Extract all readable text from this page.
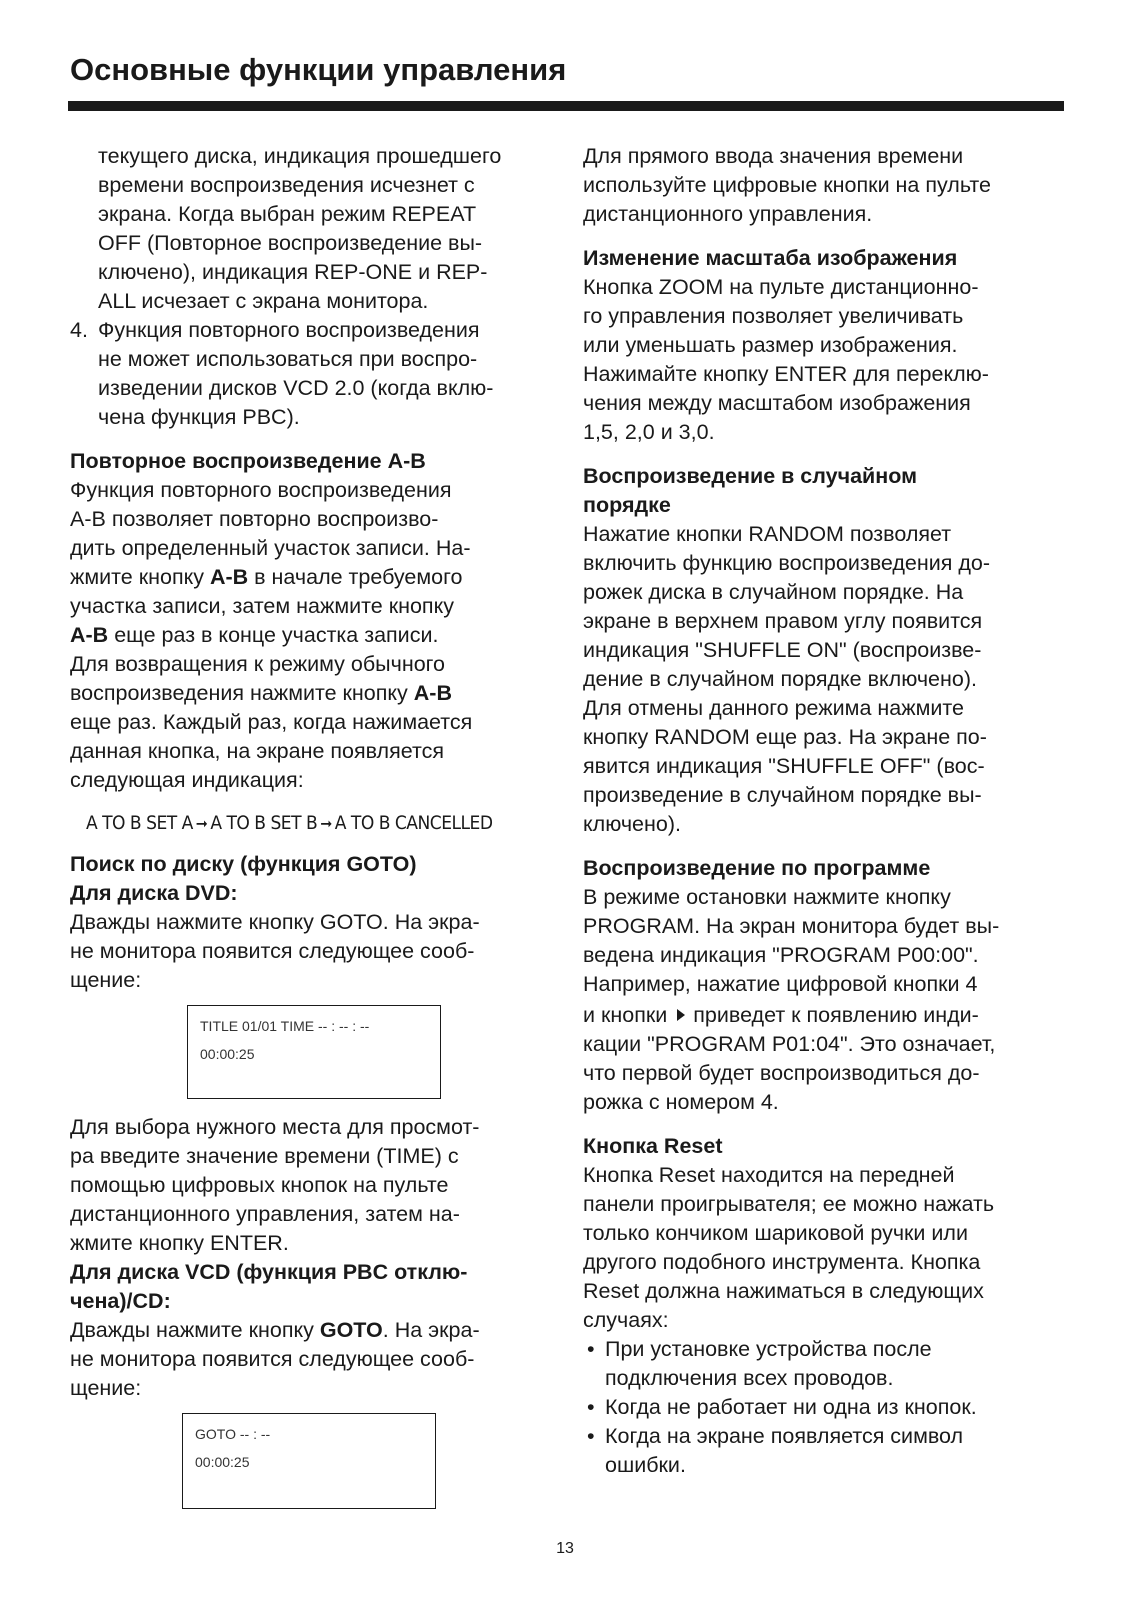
Основные функции управления

текущего диска, индикация прошедшего

времени воспроизведения исчезнет с

экрана. Когда выбран режим REPEAT

OFF (Повторное воспроизведение вы-

ключено), индикация REP-ONE и REP-

ALL исчезает с экрана монитора.

4. Функция повторного воспроизведения

не может использоваться при воспро-

изведении дисков VCD 2.0 (когда вклю-

чена функция PBC).

Повторное воспроизведение A-B

Функция повторного воспроизведения

A-B позволяет повторно воспроизво-

дить определенный участок записи. На-

жмите кнопку A-B в начале требуемого

участка записи, затем нажмите кнопку

A-B еще раз в конце участка записи.

Для возвращения к режиму обычного

воспроизведения нажмите кнопку A-B

еще раз. Каждый раз, когда нажимается

данная кнопка, на экране появляется

следующая индикация:

A TO B SET A ➞ A TO B SET B ➞ A TO B CANCELLED

Поиск по диску (функция GOTO)

Для диска DVD:

Дважды нажмите кнопку GOTO. На экра-

не монитора появится следующее сооб-

щение:

TITLE 01/01 TIME -- : -- : --
00:00:25

Для выбора нужного места для просмот-

ра введите значение времени (TIME) с

помощью цифровых кнопок на пульте

дистанционного управления, затем на-

жмите кнопку ENTER.

Для диска VCD (функция PBC отклю-

чена)/CD:

Дважды нажмите кнопку GOTO. На экра-

не монитора появится следующее сооб-

щение:

GOTO -- : --
00:00:25

Для прямого ввода значения времени

используйте цифровые кнопки на пульте

дистанционного управления.

Изменение масштаба изображения

Кнопка ZOOM на пульте дистанционно-

го управления позволяет увеличивать

или уменьшать размер изображения.

Нажимайте кнопку ENTER для переклю-

чения между масштабом изображения

1,5, 2,0 и 3,0.

Воспроизведение в случайном

порядке

Нажатие кнопки RANDOM позволяет

включить функцию воспроизведения до-

рожек диска в случайном порядке. На

экране в верхнем правом углу появится

индикация "SHUFFLE ON" (воспроизве-

дение в случайном порядке включено).

Для отмены данного режима нажмите

кнопку RANDOM еще раз. На экране по-

явится индикация "SHUFFLE OFF" (вос-

произведение в случайном порядке вы-

ключено).

Воспроизведение по программе

В режиме остановки нажмите кнопку

PROGRAM. На экран монитора будет вы-

ведена индикация "PROGRAM P00:00".

Например, нажатие цифровой кнопки 4

и кнопки приведет к появлению инди-

кации "PROGRAM P01:04". Это означает,

что первой будет воспроизводиться до-

рожка с номером 4.

Кнопка Reset

Кнопка Reset находится на передней

панели проигрывателя; ее можно нажать

только кончиком шариковой ручки или

другого подобного инструмента. Кнопка

Reset должна нажиматься в следующих

случаях:

• При установке устройства после

подключения всех проводов.

• Когда не работает ни одна из кнопок.

• Когда на экране появляется символ

ошибки.

13
